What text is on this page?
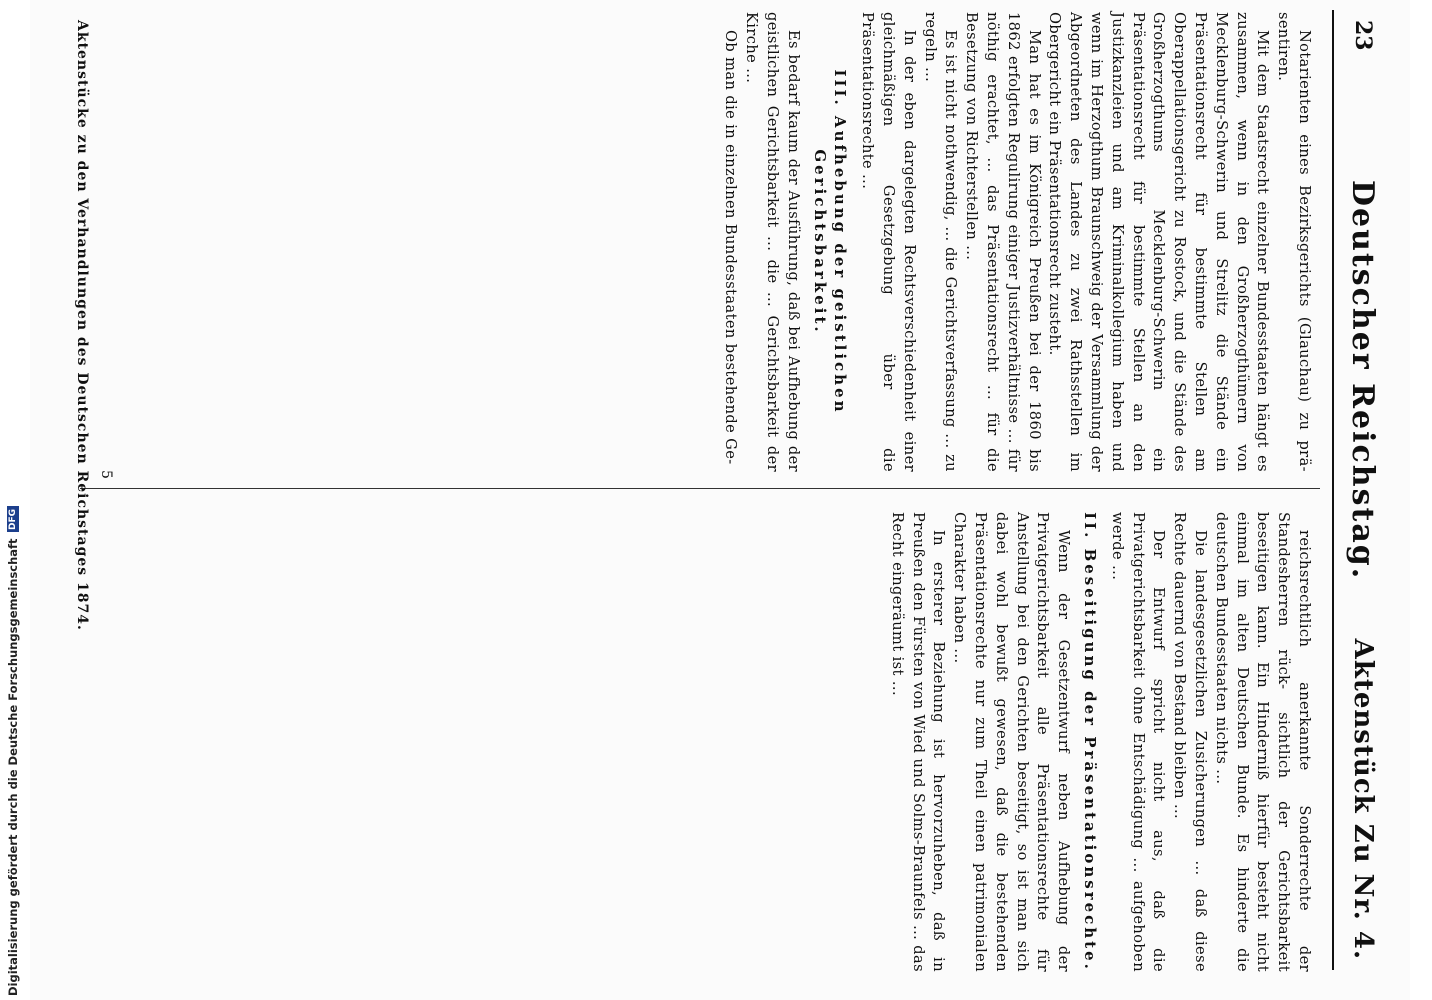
23
Deutscher Reichstag.
Aktenstück Zu Nr. 4.

Notarienten eines Bezirksgerichts (Glauchau) zu prä- sentiren.

Mit dem Staatsrecht einzelner Bundesstaaten hängt es zusammen, wenn in den Großherzogthümern von Mecklenburg-Schwerin und Strelitz die Stände ein Präsentationsrecht für bestimmte Stellen am Oberappellationsgericht zu Rostock, und die Stände des Großherzogthums Mecklenburg-Schwerin ein Präsentationsrecht für bestimmte Stellen an den Justizkanzleien und am Kriminalkollegium haben und wenn im Herzogthum Braunschweig der Versammlung der Abgeordneten des Landes zu zwei Rathsstellen im Obergericht ein Präsentationsrecht zusteht.

Man hat es im Königreich Preußen bei der 1860 bis 1862 erfolgten Regulirung einiger Justizverhältnisse ... für nöthig erachtet, ... das Präsentationsrecht ... für die Besetzung von Richterstellen ...

Es ist nicht nothwendig, ... die Gerichtsverfassung ... zu regeln ...

In der eben dargelegten Rechtsverschiedenheit einer gleichmäßigen Gesetzgebung über die Präsentationsrechte ...

III. Aufhebung der geistlichen Gerichtsbarkeit.

Es bedarf kaum der Ausführung, daß bei Aufhebung der geistlichen Gerichtsbarkeit ... die ... Gerichtsbarkeit der Kirche ...

Ob man die in einzelnen Bundesstaaten bestehende Ge-

reichsrechtlich anerkannte Sonderrechte der Standesherren rück- sichtlich der Gerichtsbarkeit beseitigen kann. Ein Hinderniß hierfür besteht nicht einmal im alten Deutschen Bunde. Es hinderte die deutschen Bundesstaaten nichts ...

Die landesgesetzlichen Zusicherungen ... daß diese Rechte dauernd von Bestand bleiben ...

Der Entwurf spricht nicht aus, daß die Privatgerichtsbarkeit ohne Entschädigung ... aufgehoben werde ...

II. Beseitigung der Präsentationsrechte.

Wenn der Gesetzentwurf neben Aufhebung der Privatgerichtsbarkeit alle Präsentationsrechte für Anstellung bei den Gerichten beseitigt, so ist man sich dabei wohl bewußt gewesen, daß die bestehenden Präsentationsrechte nur zum Theil einen patrimonialen Charakter haben ...

In ersterer Beziehung ist hervorzuheben, daß in Preußen den Fürsten von Wied und Solms-Braunfels ... das Recht eingeräumt ist ...

5
Aktenstücke zu den Verhandlungen des Deutschen Reichstages 1874.
Digitalisierung gefördert durch die Deutsche Forschungsgemeinschaft
DFG
